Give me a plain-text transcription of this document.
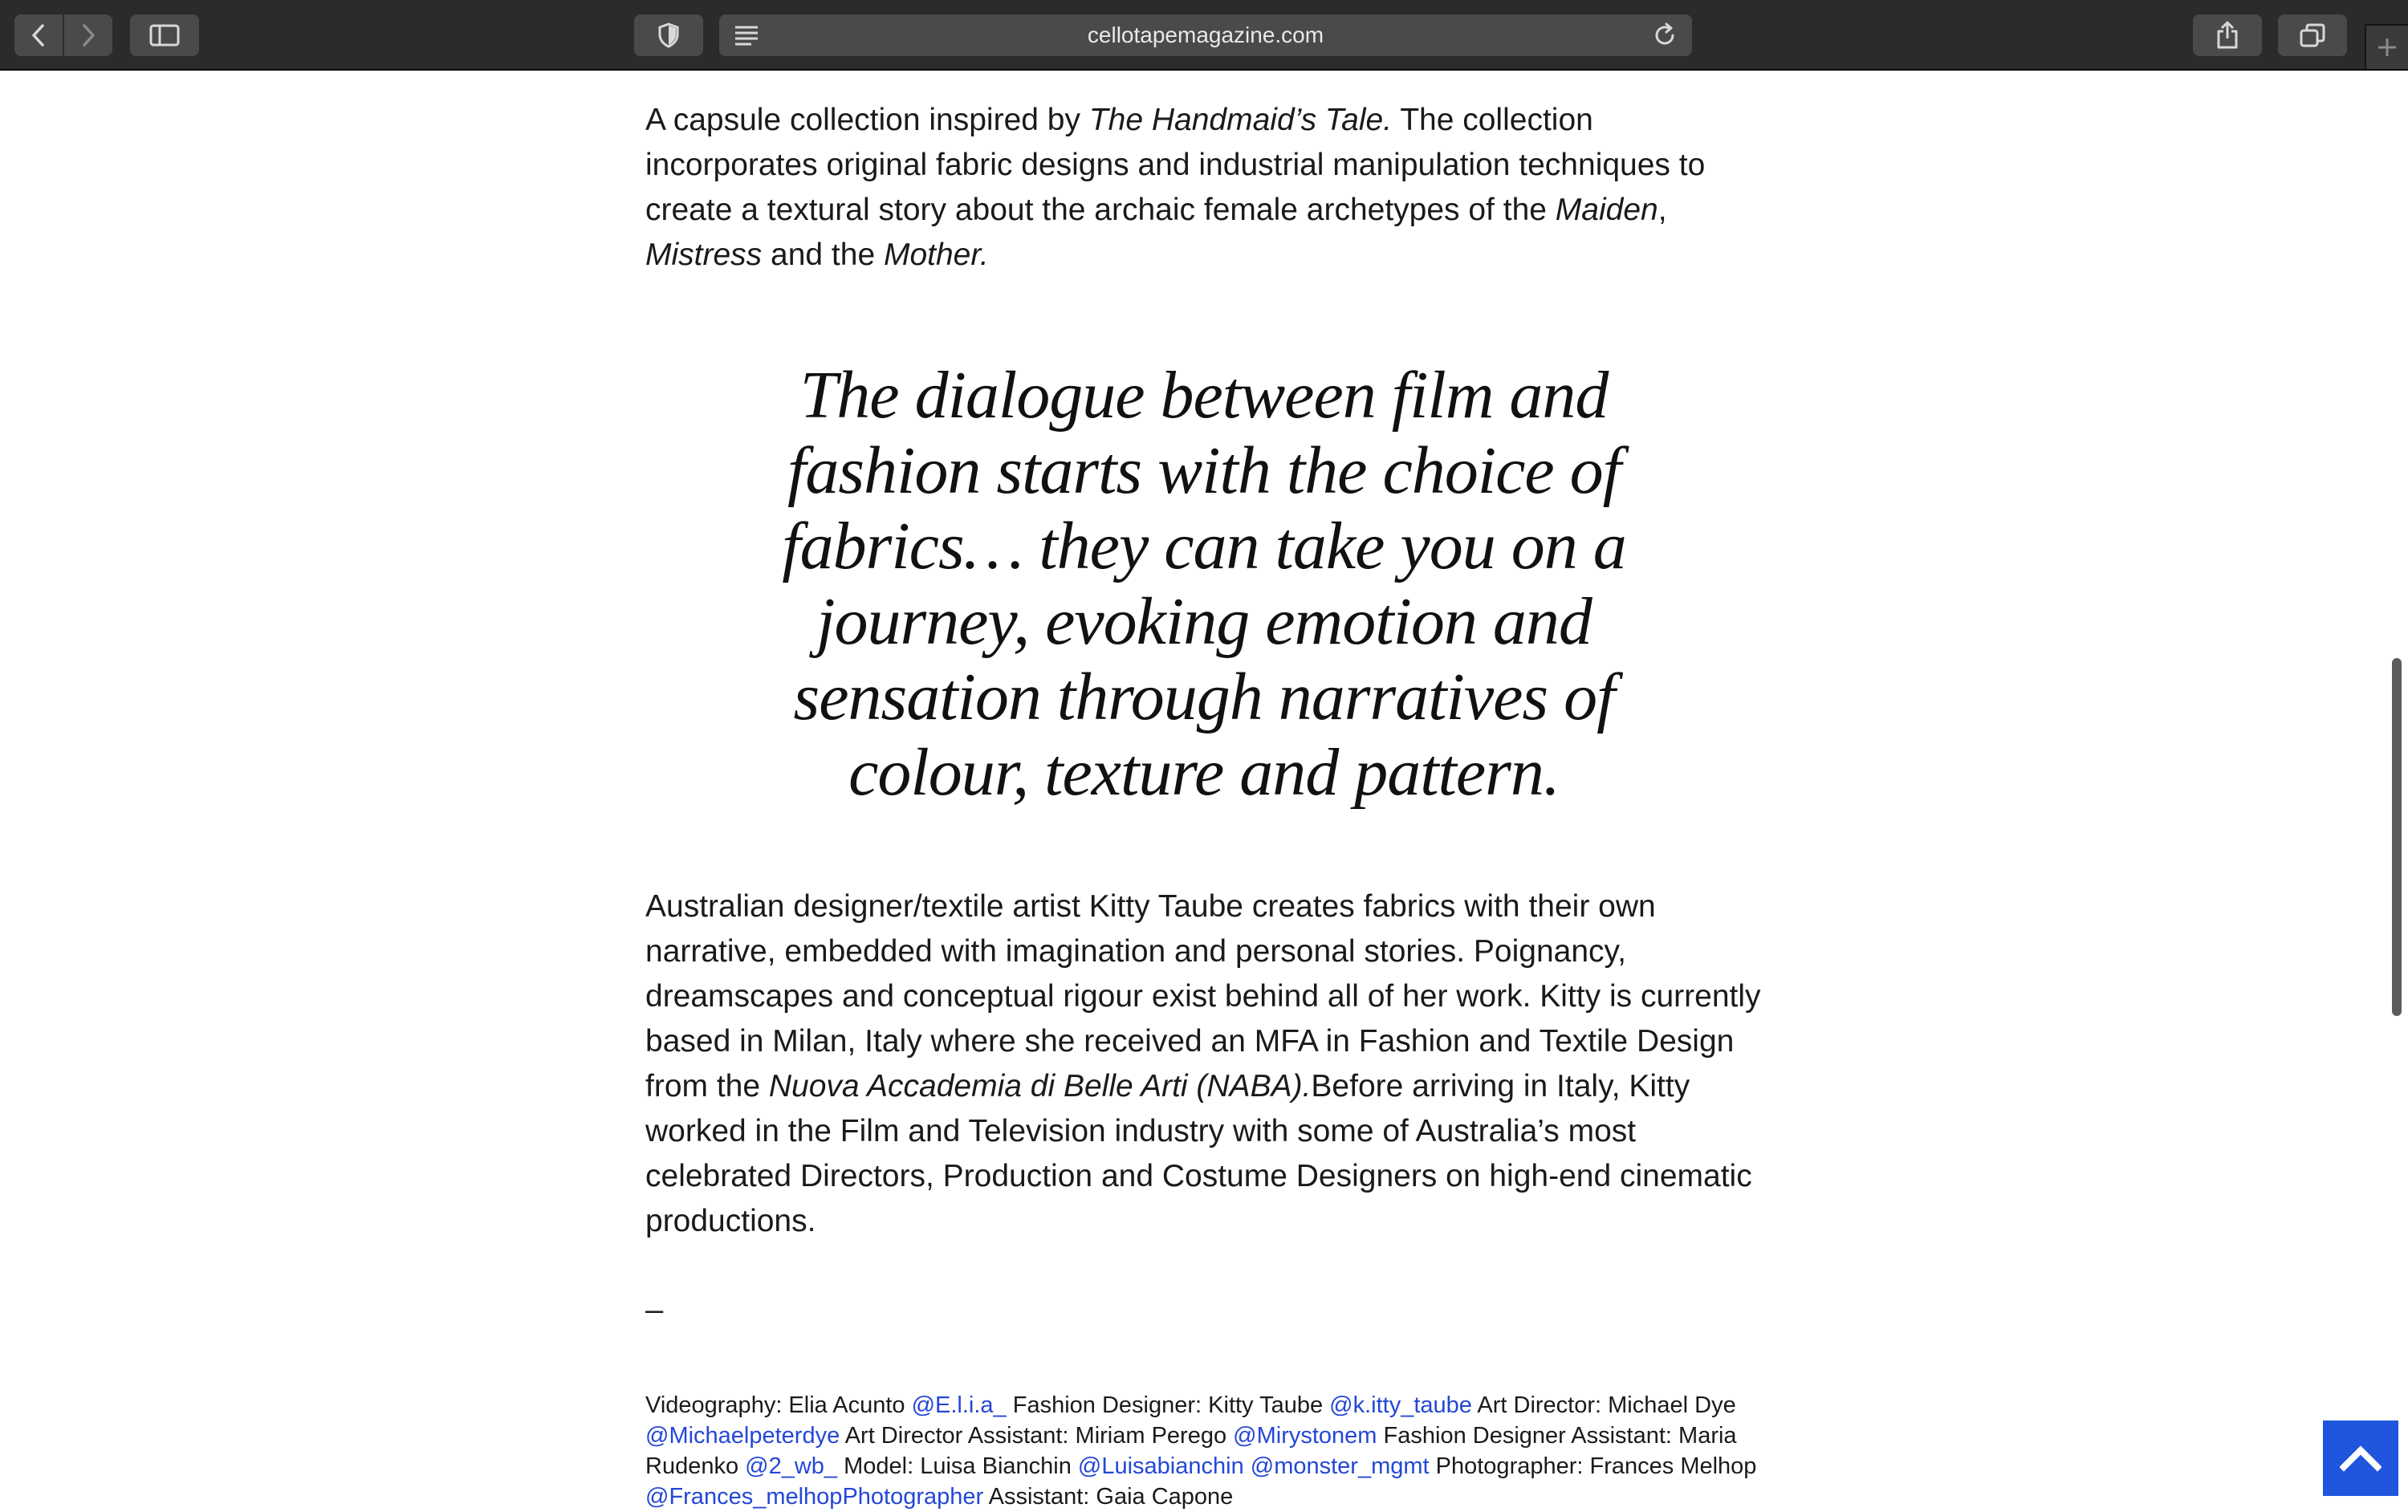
cellotapemagazine.com

A capsule collection inspired by The Handmaid’s Tale. The collection incorporates original fabric designs and industrial manipulation techniques to create a textural story about the archaic female archetypes of the Maiden, Mistress and the Mother.

The dialogue between film and fashion starts with the choice of fabrics… they can take you on a journey, evoking emotion and sensation through narratives of colour, texture and pattern.

Australian designer/textile artist Kitty Taube creates fabrics with their own narrative, embedded with imagination and personal stories. Poignancy, dreamscapes and conceptual rigour exist behind all of her work. Kitty is currently based in Milan, Italy where she received an MFA in Fashion and Textile Design from the Nuova Accademia di Belle Arti (NABA).Before arriving in Italy, Kitty worked in the Film and Television industry with some of Australia’s most celebrated Directors, Production and Costume Designers on high-end cinematic productions.

–

Videography: Elia Acunto @E.l.i.a_ Fashion Designer: Kitty Taube @k.itty_taube Art Director: Michael Dye @Michaelpeterdye Art Director Assistant: Miriam Perego @Mirystonem Fashion Designer Assistant: Maria Rudenko @2_wb_ Model: Luisa Bianchin @Luisabianchin @monster_mgmt Photographer: Frances Melhop @Frances_melhopPhotographer Assistant: Gaia Capone
